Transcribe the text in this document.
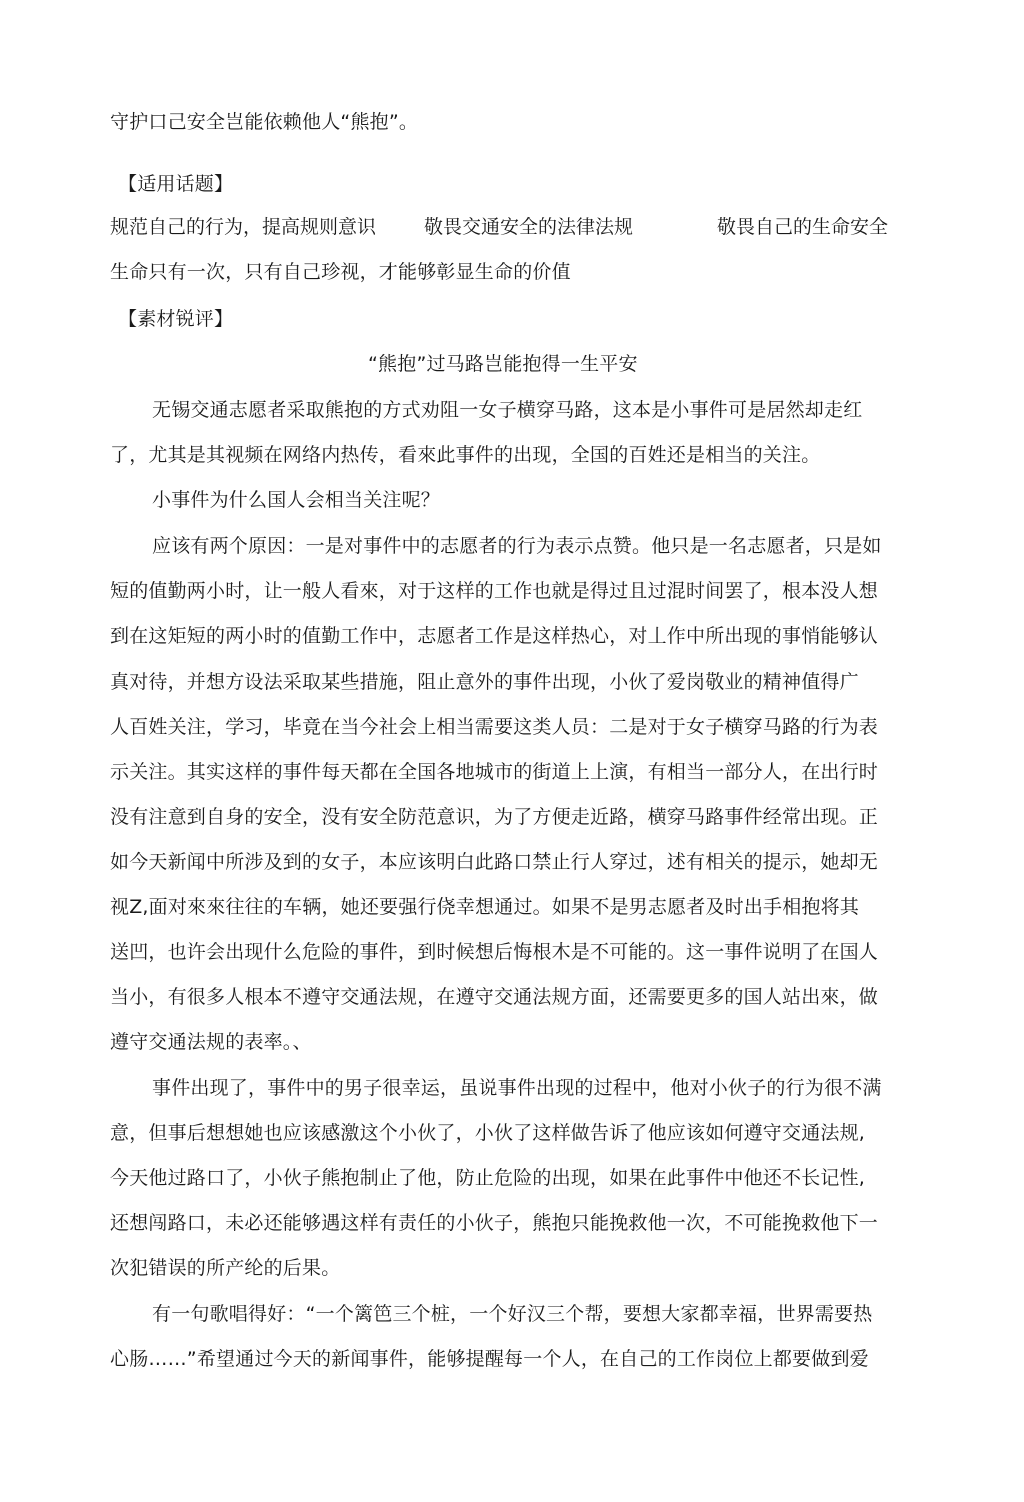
守护口己安全岂能依赖他人“熊抱”。
【适用话题】
规范自己的行为，提高规则意识	敬畏交通安全的法律法规	敬畏自己的生命安全
生命只有一次，只有自己珍视，才能够彰显生命的价值
【素材锐评】
“熊抱”过马路岂能抱得一生平安
无锡交通志愿者采取熊抱的方式劝阻一女子横穿马路，这本是小事件可是居然却走红
了，尤其是其视频在网络内热传，看來此事件的出现，全国的百姓还是相当的关注。
小事件为什么国人会相当关注呢？
应该有两个原因：一是对事件中的志愿者的行为表示点赞。他只是一名志愿者，只是如
短的值勤两小时，让一般人看來，对于这样的工作也就是得过且过混时间罢了，根本没人想
到在这矩短的两小时的值勤工作中，志愿者工作是这样热心，对丄作中所出现的事悄能够认
真对待，并想方设法采取某些措施，阻止意外的事件出现，小伙了爱岗敬业的精神值得广
人百姓关注，学习，毕竟在当今社会上相当需要这类人员：二是对于女子横穿马路的行为表
示关注。其实这样的事件每天都在全国各地城市的街道上上演，有相当一部分人，在出行时
没有注意到自身的安全，没有安全防范意识，为了方便走近路，横穿马路事件经常出现。正
如今天新闻中所涉及到的女子，本应该明白此路口禁止行人穿过，述有相关的提示，她却无
视Z,面对來來往往的车辆，她还要强行侥幸想通过。如果不是男志愿者及时出手相抱将其
送凹，也许会出现什么危险的事件，到时候想后悔根木是不可能的。这一事件说明了在国人
当小，有很多人根本不遵守交通法规，在遵守交通法规方面，还需要更多的国人站出來，做
遵守交通法规的表率。、
事件出现了，事件中的男子很幸运，虽说事件出现的过程中，他对小伙子的行为很不满
意，但事后想想她也应该感激这个小伙了，小伙了这样做告诉了他应该如何遵守交通法规,
今天他过路口了，小伙子熊抱制止了他，防止危险的出现，如果在此事件中他还不长记性,
还想闯路口，未必还能够遇这样有责任的小伙子，熊抱只能挽救他一次，不可能挽救他下一
次犯错误的所产纶的后果。
有一句歌唱得好：“一个篱笆三个桩，一个好汉三个帮，要想大家都幸福，世界需要热
心肠……”希望通过今天的新闻事件，能够提醒每一个人，在自己的工作岗位上都要做到爱
